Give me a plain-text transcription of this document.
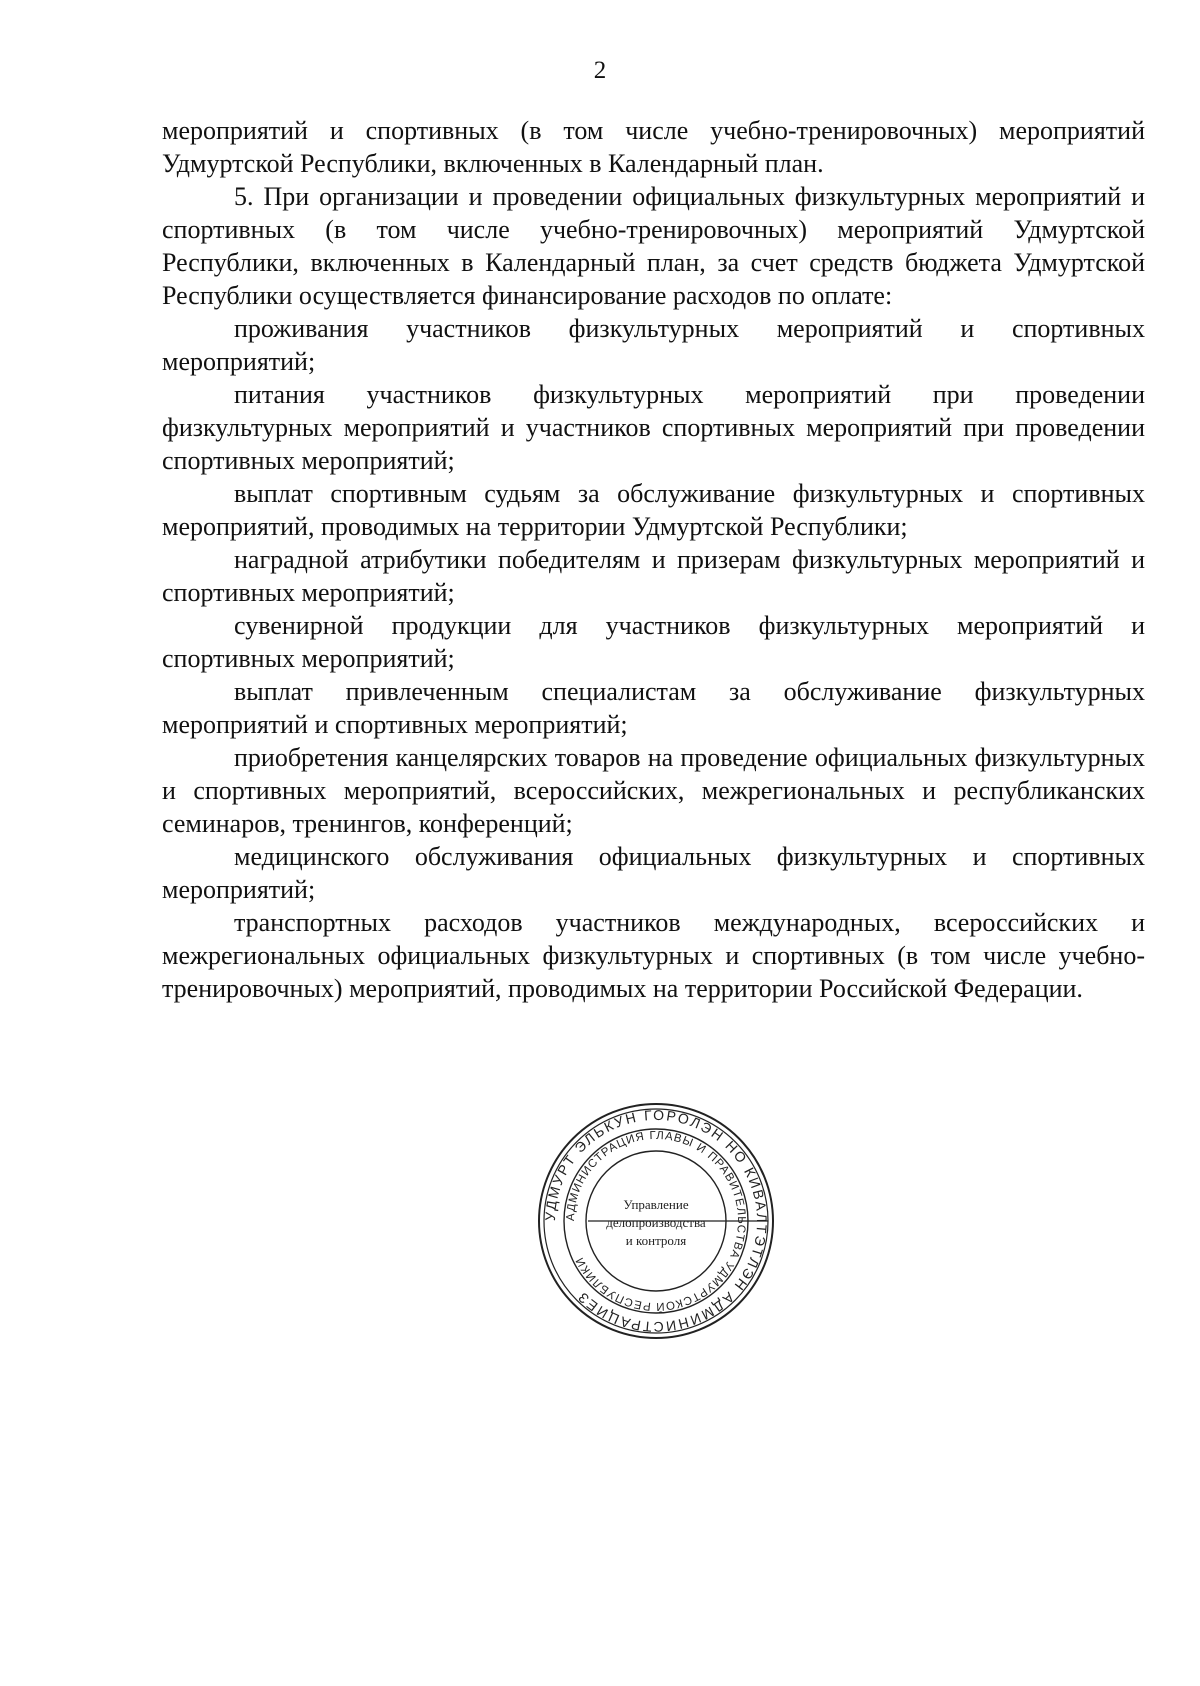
2

мероприятий и спортивных (в том числе учебно-тренировочных) мероприятий Удмуртской Республики, включенных в Календарный план.

5. При организации и проведении официальных физкультурных мероприятий и спортивных (в том числе учебно-тренировочных) мероприятий Удмуртской Республики, включенных в Календарный план, за счет средств бюджета Удмуртской Республики осуществляется финансирование расходов по оплате:

проживания участников физкультурных мероприятий и спортивных мероприятий;

питания участников физкультурных мероприятий при проведении физкультурных мероприятий и участников спортивных мероприятий при проведении спортивных мероприятий;

выплат спортивным судьям за обслуживание физкультурных и спортивных мероприятий, проводимых на территории Удмуртской Республики;

наградной атрибутики победителям и призерам физкультурных мероприятий и спортивных мероприятий;

сувенирной продукции для участников физкультурных мероприятий и спортивных мероприятий;

выплат привлеченным специалистам за обслуживание физкультурных мероприятий и спортивных мероприятий;

приобретения канцелярских товаров на проведение официальных физкультурных и спортивных мероприятий, всероссийских, межрегиональных и республиканских семинаров, тренингов, конференций;

медицинского обслуживания официальных физкультурных и спортивных мероприятий;

транспортных расходов участников международных, всероссийских и межрегиональных официальных физкультурных и спортивных (в том числе учебно-тренировочных) мероприятий, проводимых на территории Российской Федерации.

УДМУРТ ЭЛЬКУН ГОРОЛЭН НО КИВАЛТЭТЛЭН АДМИНИСТРАЦИЕЗ
АДМИНИСТРАЦИЯ ГЛАВЫ И ПРАВИТЕЛЬСТВА УДМУРТСКОЙ РЕСПУБЛИКИ
Управление
делопроизводства
и контроля
